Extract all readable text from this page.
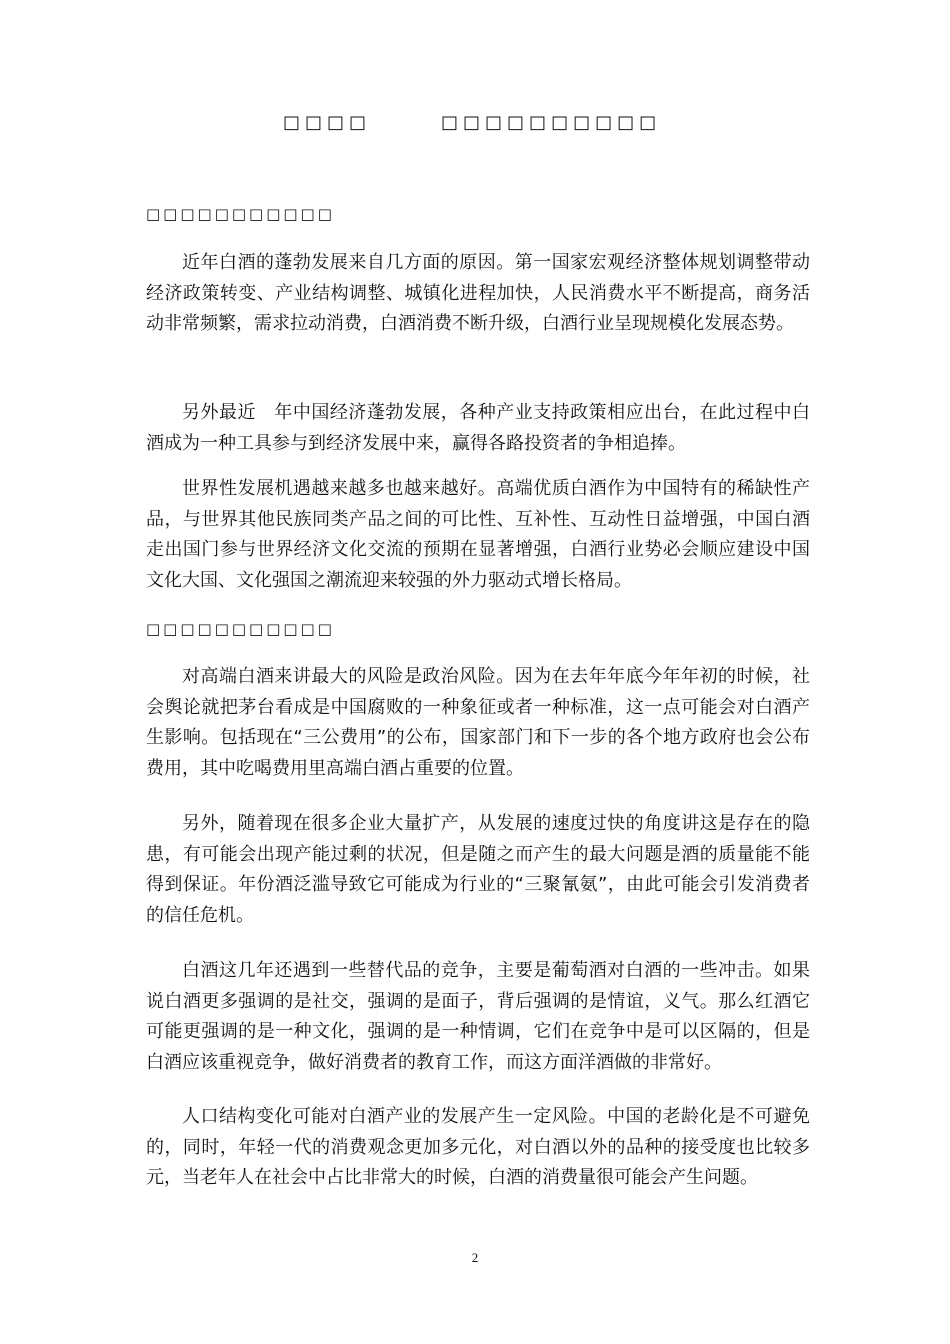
□□□□	□□□□□□□□□□
□□□□□□□□□□□

近年白酒的蓬勃发展来自几方面的原因。第一国家宏观经济整体规划调整带动经济政策转变、产业结构调整、城镇化进程加快，人民消费水平不断提高，商务活动非常频繁，需求拉动消费，白酒消费不断升级，白酒行业呈现规模化发展态势。

另外最近　年中国经济蓬勃发展，各种产业支持政策相应出台，在此过程中白酒成为一种工具参与到经济发展中来，赢得各路投资者的争相追捧。

世界性发展机遇越来越多也越来越好。高端优质白酒作为中国特有的稀缺性产品，与世界其他民族同类产品之间的可比性、互补性、互动性日益增强，中国白酒走出国门参与世界经济文化交流的预期在显著增强，白酒行业势必会顺应建设中国文化大国、文化强国之潮流迎来较强的外力驱动式增长格局。

□□□□□□□□□□□

对高端白酒来讲最大的风险是政治风险。因为在去年年底今年年初的时候，社会舆论就把茅台看成是中国腐败的一种象征或者一种标准，这一点可能会对白酒产生影响。包括现在“三公费用”的公布，国家部门和下一步的各个地方政府也会公布费用，其中吃喝费用里高端白酒占重要的位置。

另外，随着现在很多企业大量扩产，从发展的速度过快的角度讲这是存在的隐患，有可能会出现产能过剩的状况，但是随之而产生的最大问题是酒的质量能不能得到保证。年份酒泛滥导致它可能成为行业的“三聚氰氨”，由此可能会引发消费者的信任危机。

白酒这几年还遇到一些替代品的竞争，主要是葡萄酒对白酒的一些冲击。如果说白酒更多强调的是社交，强调的是面子，背后强调的是情谊，义气。那么红酒它可能更强调的是一种文化，强调的是一种情调，它们在竞争中是可以区隔的，但是白酒应该重视竞争，做好消费者的教育工作，而这方面洋酒做的非常好。

人口结构变化可能对白酒产业的发展产生一定风险。中国的老龄化是不可避免的，同时，年轻一代的消费观念更加多元化，对白酒以外的品种的接受度也比较多元，当老年人在社会中占比非常大的时候，白酒的消费量很可能会产生问题。

2
